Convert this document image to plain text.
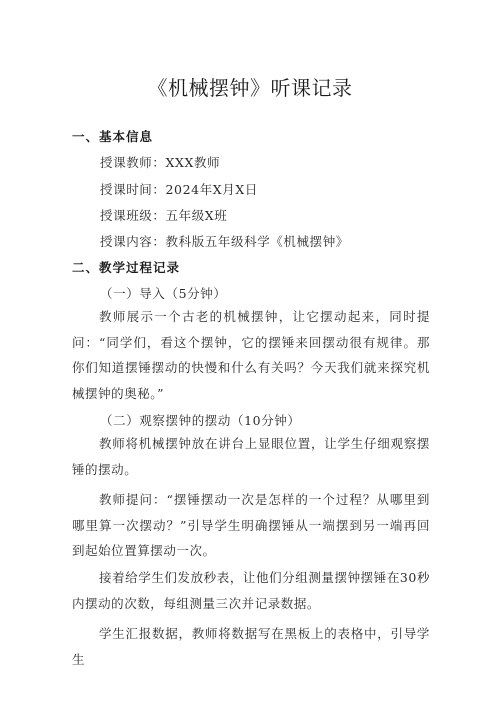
《机械摆钟》听课记录
一、基本信息
授课教师：XXX教师
授课时间：2024年X月X日
授课班级：五年级X班
授课内容：教科版五年级科学《机械摆钟》
二、教学过程记录
（一）导入（5分钟）
教师展示一个古老的机械摆钟，让它摆动起来，同时提问：“同学们，看这个摆钟，它的摆锤来回摆动很有规律。那你们知道摆锤摆动的快慢和什么有关吗？今天我们就来探究机械摆钟的奥秘。”
（二）观察摆钟的摆动（10分钟）
教师将机械摆钟放在讲台上显眼位置，让学生仔细观察摆锤的摆动。
教师提问：“摆锤摆动一次是怎样的一个过程？从哪里到哪里算一次摆动？”引导学生明确摆锤从一端摆到另一端再回到起始位置算摆动一次。
接着给学生们发放秒表，让他们分组测量摆钟摆锤在30秒内摆动的次数，每组测量三次并记录数据。
学生汇报数据，教师将数据写在黑板上的表格中，引导学生
